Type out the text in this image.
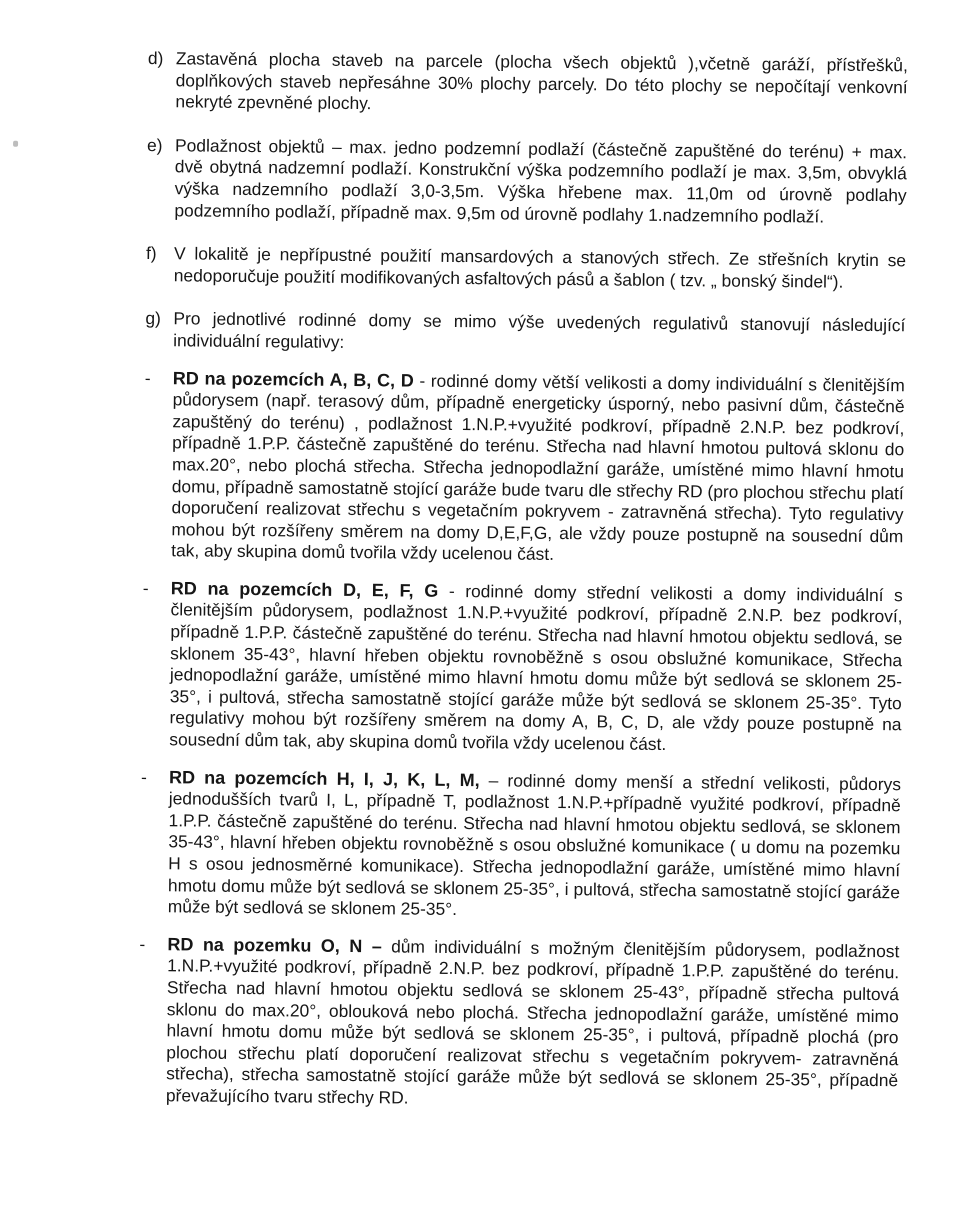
d) Zastavěná plocha staveb na parcele (plocha všech objektů ),včetně garáží, přístřešků, doplňkových staveb nepřesáhne 30% plochy parcely. Do této plochy se nepočítají venkovní nekryté zpevněné plochy.
e) Podlažnost objektů – max. jedno podzemní podlaží (částečně zapuštěné do terénu) + max. dvě obytná nadzemní podlaží. Konstrukční výška podzemního podlaží je max. 3,5m, obvyklá výška nadzemního podlaží 3,0-3,5m. Výška hřebene max. 11,0m od úrovně podlahy podzemního podlaží, případně max. 9,5m od úrovně podlahy 1.nadzemního podlaží.
f) V lokalitě je nepřípustné použití mansardových a stanových střech. Ze střešních krytin se nedoporučuje použití modifikovaných asfaltových pásů a šablon ( tzv. „ bonský šindel“).
g) Pro jednotlivé rodinné domy se mimo výše uvedených regulativů stanovují následující individuální regulativy:
-	RD na pozemcích A, B, C, D - rodinné domy větší velikosti a domy individuální s členitějším půdorysem (např. terasový dům, případně energeticky úsporný, nebo pasivní dům, částečně zapuštěný do terénu) , podlažnost 1.N.P.+využité podkroví, případně 2.N.P. bez podkroví, případně 1.P.P. částečně zapuštěné do terénu. Střecha nad hlavní hmotou pultová sklonu do max.20°, nebo plochá střecha. Střecha jednopodlažní garáže, umístěné mimo hlavní hmotu domu, případně samostatně stojící garáže bude tvaru dle střechy RD (pro plochou střechu platí doporučení realizovat střechu s vegetačním pokryvem - zatravněná střecha). Tyto regulativy mohou být rozšířeny směrem na domy D,E,F,G, ale vždy pouze postupně na sousední dům tak, aby skupina domů tvořila vždy ucelenou část.
-	RD na pozemcích D, E, F, G - rodinné domy střední velikosti a domy individuální s členitějším půdorysem, podlažnost 1.N.P.+využité podkroví, případně 2.N.P. bez podkroví, případně 1.P.P. částečně zapuštěné do terénu. Střecha nad hlavní hmotou objektu sedlová, se sklonem 35-43°, hlavní hřeben objektu rovnoběžně s osou obslužné komunikace, Střecha jednopodlažní garáže, umístěné mimo hlavní hmotu domu může být sedlová se sklonem 25-35°, i pultová, střecha samostatně stojící garáže může být sedlová se sklonem 25-35°. Tyto regulativy mohou být rozšířeny směrem na domy A, B, C, D, ale vždy pouze postupně na sousední dům tak, aby skupina domů tvořila vždy ucelenou část.
-	RD na pozemcích H, I, J, K, L, M, – rodinné domy menší a střední velikosti, půdorys jednodušších tvarů I, L, případně T, podlažnost 1.N.P.+případně využité podkroví, případně 1.P.P. částečně zapuštěné do terénu. Střecha nad hlavní hmotou objektu sedlová, se sklonem 35-43°, hlavní hřeben objektu rovnoběžně s osou obslužné komunikace ( u domu na pozemku H s osou jednosměrné komunikace). Střecha jednopodlažní garáže, umístěné mimo hlavní hmotu domu může být sedlová se sklonem 25-35°, i pultová, střecha samostatně stojící garáže může být sedlová se sklonem 25-35°.
-	RD na pozemku O, N – dům individuální s možným členitějším půdorysem, podlažnost 1.N.P.+využité podkroví, případně 2.N.P. bez podkroví, případně 1.P.P. zapuštěné do terénu. Střecha nad hlavní hmotou objektu sedlová se sklonem 25-43°, případně střecha pultová sklonu do max.20°, oblouková nebo plochá. Střecha jednopodlažní garáže, umístěné mimo hlavní hmotu domu může být sedlová se sklonem 25-35°, i pultová, případně plochá (pro plochou střechu platí doporučení realizovat střechu s vegetačním pokryvem- zatravněná střecha), střecha samostatně stojící garáže může být sedlová se sklonem 25-35°, případně převažujícího tvaru střechy RD.
